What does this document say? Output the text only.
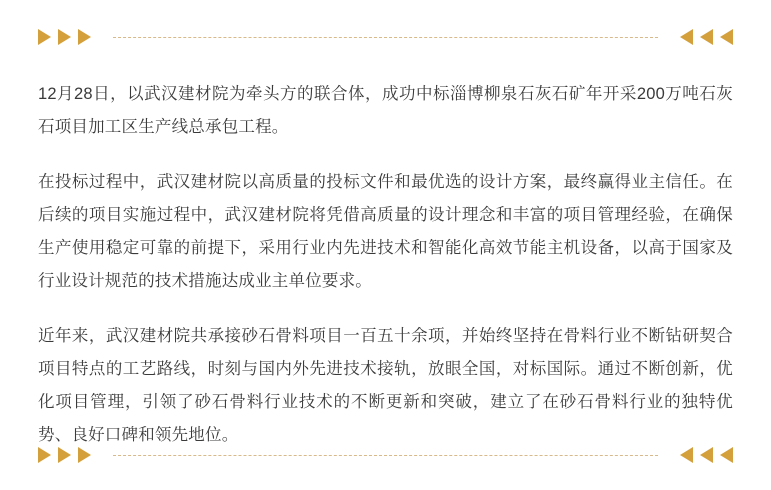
12月28日，以武汉建材院为牵头方的联合体，成功中标淄博柳泉石灰石矿年开采200万吨石灰石项目加工区生产线总承包工程。

在投标过程中，武汉建材院以高质量的投标文件和最优选的设计方案，最终赢得业主信任。在后续的项目实施过程中，武汉建材院将凭借高质量的设计理念和丰富的项目管理经验，在确保生产使用稳定可靠的前提下，采用行业内先进技术和智能化高效节能主机设备，以高于国家及行业设计规范的技术措施达成业主单位要求。

近年来，武汉建材院共承接砂石骨料项目一百五十余项，并始终坚持在骨料行业不断钻研契合项目特点的工艺路线，时刻与国内外先进技术接轨，放眼全国，对标国际。通过不断创新，优化项目管理，引领了砂石骨料行业技术的不断更新和突破，建立了在砂石骨料行业的独特优势、良好口碑和领先地位。
